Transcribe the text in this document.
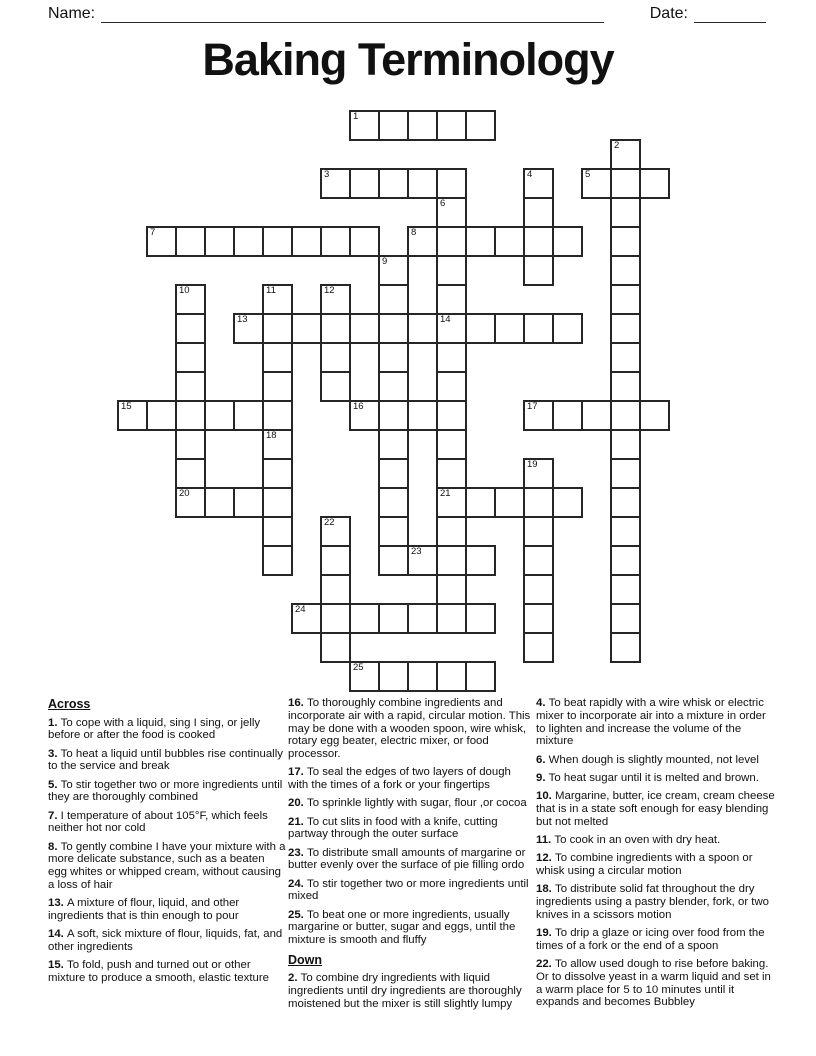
Name:	Date:
Baking Terminology
1
2
3	4	5
6
14
21
7	8
9
10
20
11	12
13
15	16	17
18
19
22
23
24
25

Across

1. To cope with a liquid, sing I sing, or jelly before or after the food is cooked

3. To heat a liquid until bubbles rise continually to the service and break

5. To stir together two or more ingredients until they are thoroughly combined

7. I temperature of about 105°F, which feels neither hot nor cold

8. To gently combine I have your mixture with a more delicate substance, such as a beaten egg whites or whipped cream, without causing a loss of hair

13. A mixture of flour, liquid, and other ingredients that is thin enough to pour

14. A soft, sick mixture of flour, liquids, fat, and other ingredients

15. To fold, push and turned out or other mixture to produce a smooth, elastic texture

16. To thoroughly combine ingredients and incorporate air with a rapid, circular motion. This may be done with a wooden spoon, wire whisk, rotary egg beater, electric mixer, or food processor.

17. To seal the edges of two layers of dough with the times of a fork or your fingertips

20. To sprinkle lightly with sugar, flour ,or cocoa

21. To cut slits in food with a knife, cutting partway through the outer surface

23. To distribute small amounts of margarine or butter evenly over the surface of pie filling ordo

24. To stir together two or more ingredients until mixed

25. To beat one or more ingredients, usually margarine or butter, sugar and eggs, until the mixture is smooth and fluffy

Down

2. To combine dry ingredients with liquid ingredients until dry ingredients are thoroughly moistened but the mixer is still slightly lumpy

4. To beat rapidly with a wire whisk or electric mixer to incorporate air into a mixture in order to lighten and increase the volume of the mixture

6. When dough is slightly mounted, not level

9. To heat sugar until it is melted and brown.

10. Margarine, butter, ice cream, cream cheese that is in a state soft enough for easy blending but not melted

11. To cook in an oven with dry heat.

12. To combine ingredients with a spoon or whisk using a circular motion

18. To distribute solid fat throughout the dry ingredients using a pastry blender, fork, or two knives in a scissors motion

19. To drip a glaze or icing over food from the times of a fork or the end of a spoon

22. To allow used dough to rise before baking. Or to dissolve yeast in a warm liquid and set in a warm place for 5 to 10 minutes until it expands and becomes Bubbley
